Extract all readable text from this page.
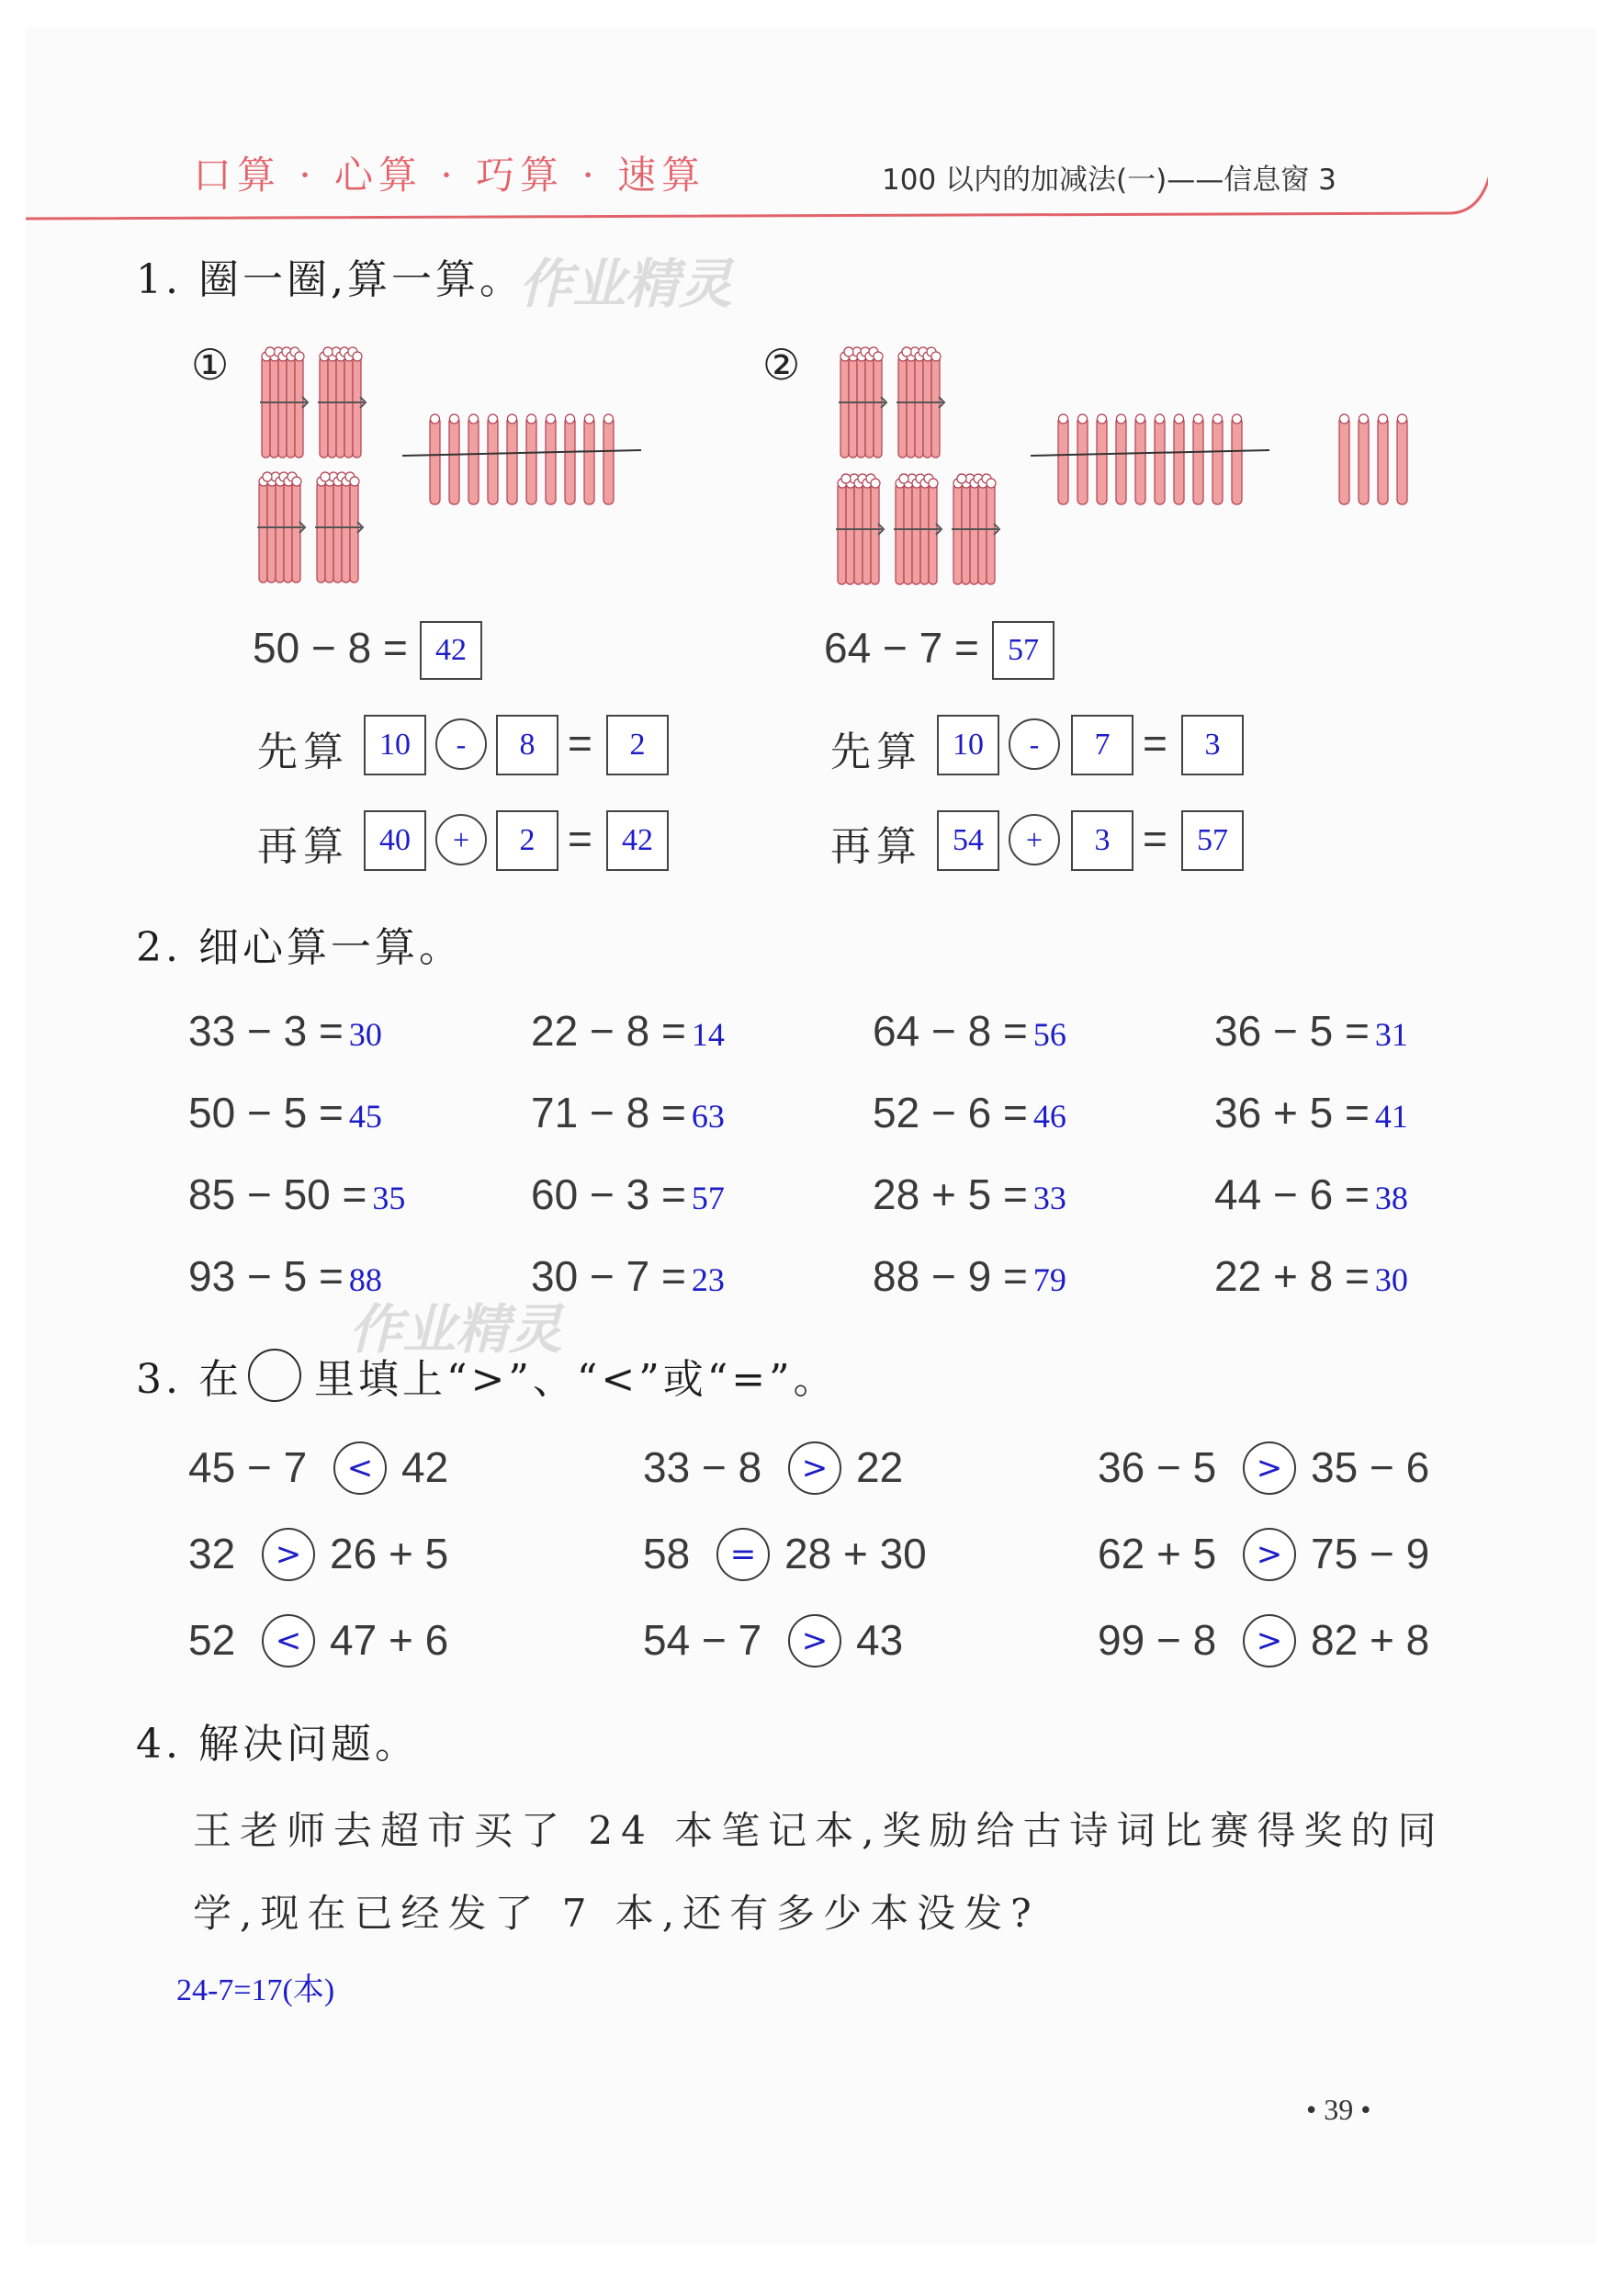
口算 · 心算 · 巧算 · 速算	100 以内的加减法(一)——信息窗 3
作业精灵
作业精灵
1. 圈一圈,算一算。
①	②
50 − 8 = 42
先算 10	-	8 =	2
再算 40	+	2 = 42
64 − 7 = 57
先算 10	-	7 =	3
再算 54	+	3 = 57
2. 细心算一算。
33 − 3 = 30	22 − 8 = 14	64 − 8 = 56	36 − 5 = 31
50 − 5 = 45	71 − 8 = 63	52 − 6 = 46	36 + 5 = 41
85 − 50 = 35	60 − 3 = 57	28 + 5 = 33	44 − 6 = 38
93 − 5 = 88	30 − 7 = 23	88 − 9 = 79	22 + 8 = 30
3. 在 里填上“>”、“<”或“=”。
45 − 7	< 42	33 − 8	> 22	36 − 5	> 35 − 6
32	> 26 + 5	58	= 28 + 30	62 + 5	> 75 − 9
52	< 47 + 6	54 − 7	> 43	99 − 8	> 82 + 8
4. 解决问题。
王老师去超市买了 24 本笔记本,奖励给古诗词比赛得奖的同
学,现在已经发了 7 本,还有多少本没发?
24-7=17(本)
• 39 •
